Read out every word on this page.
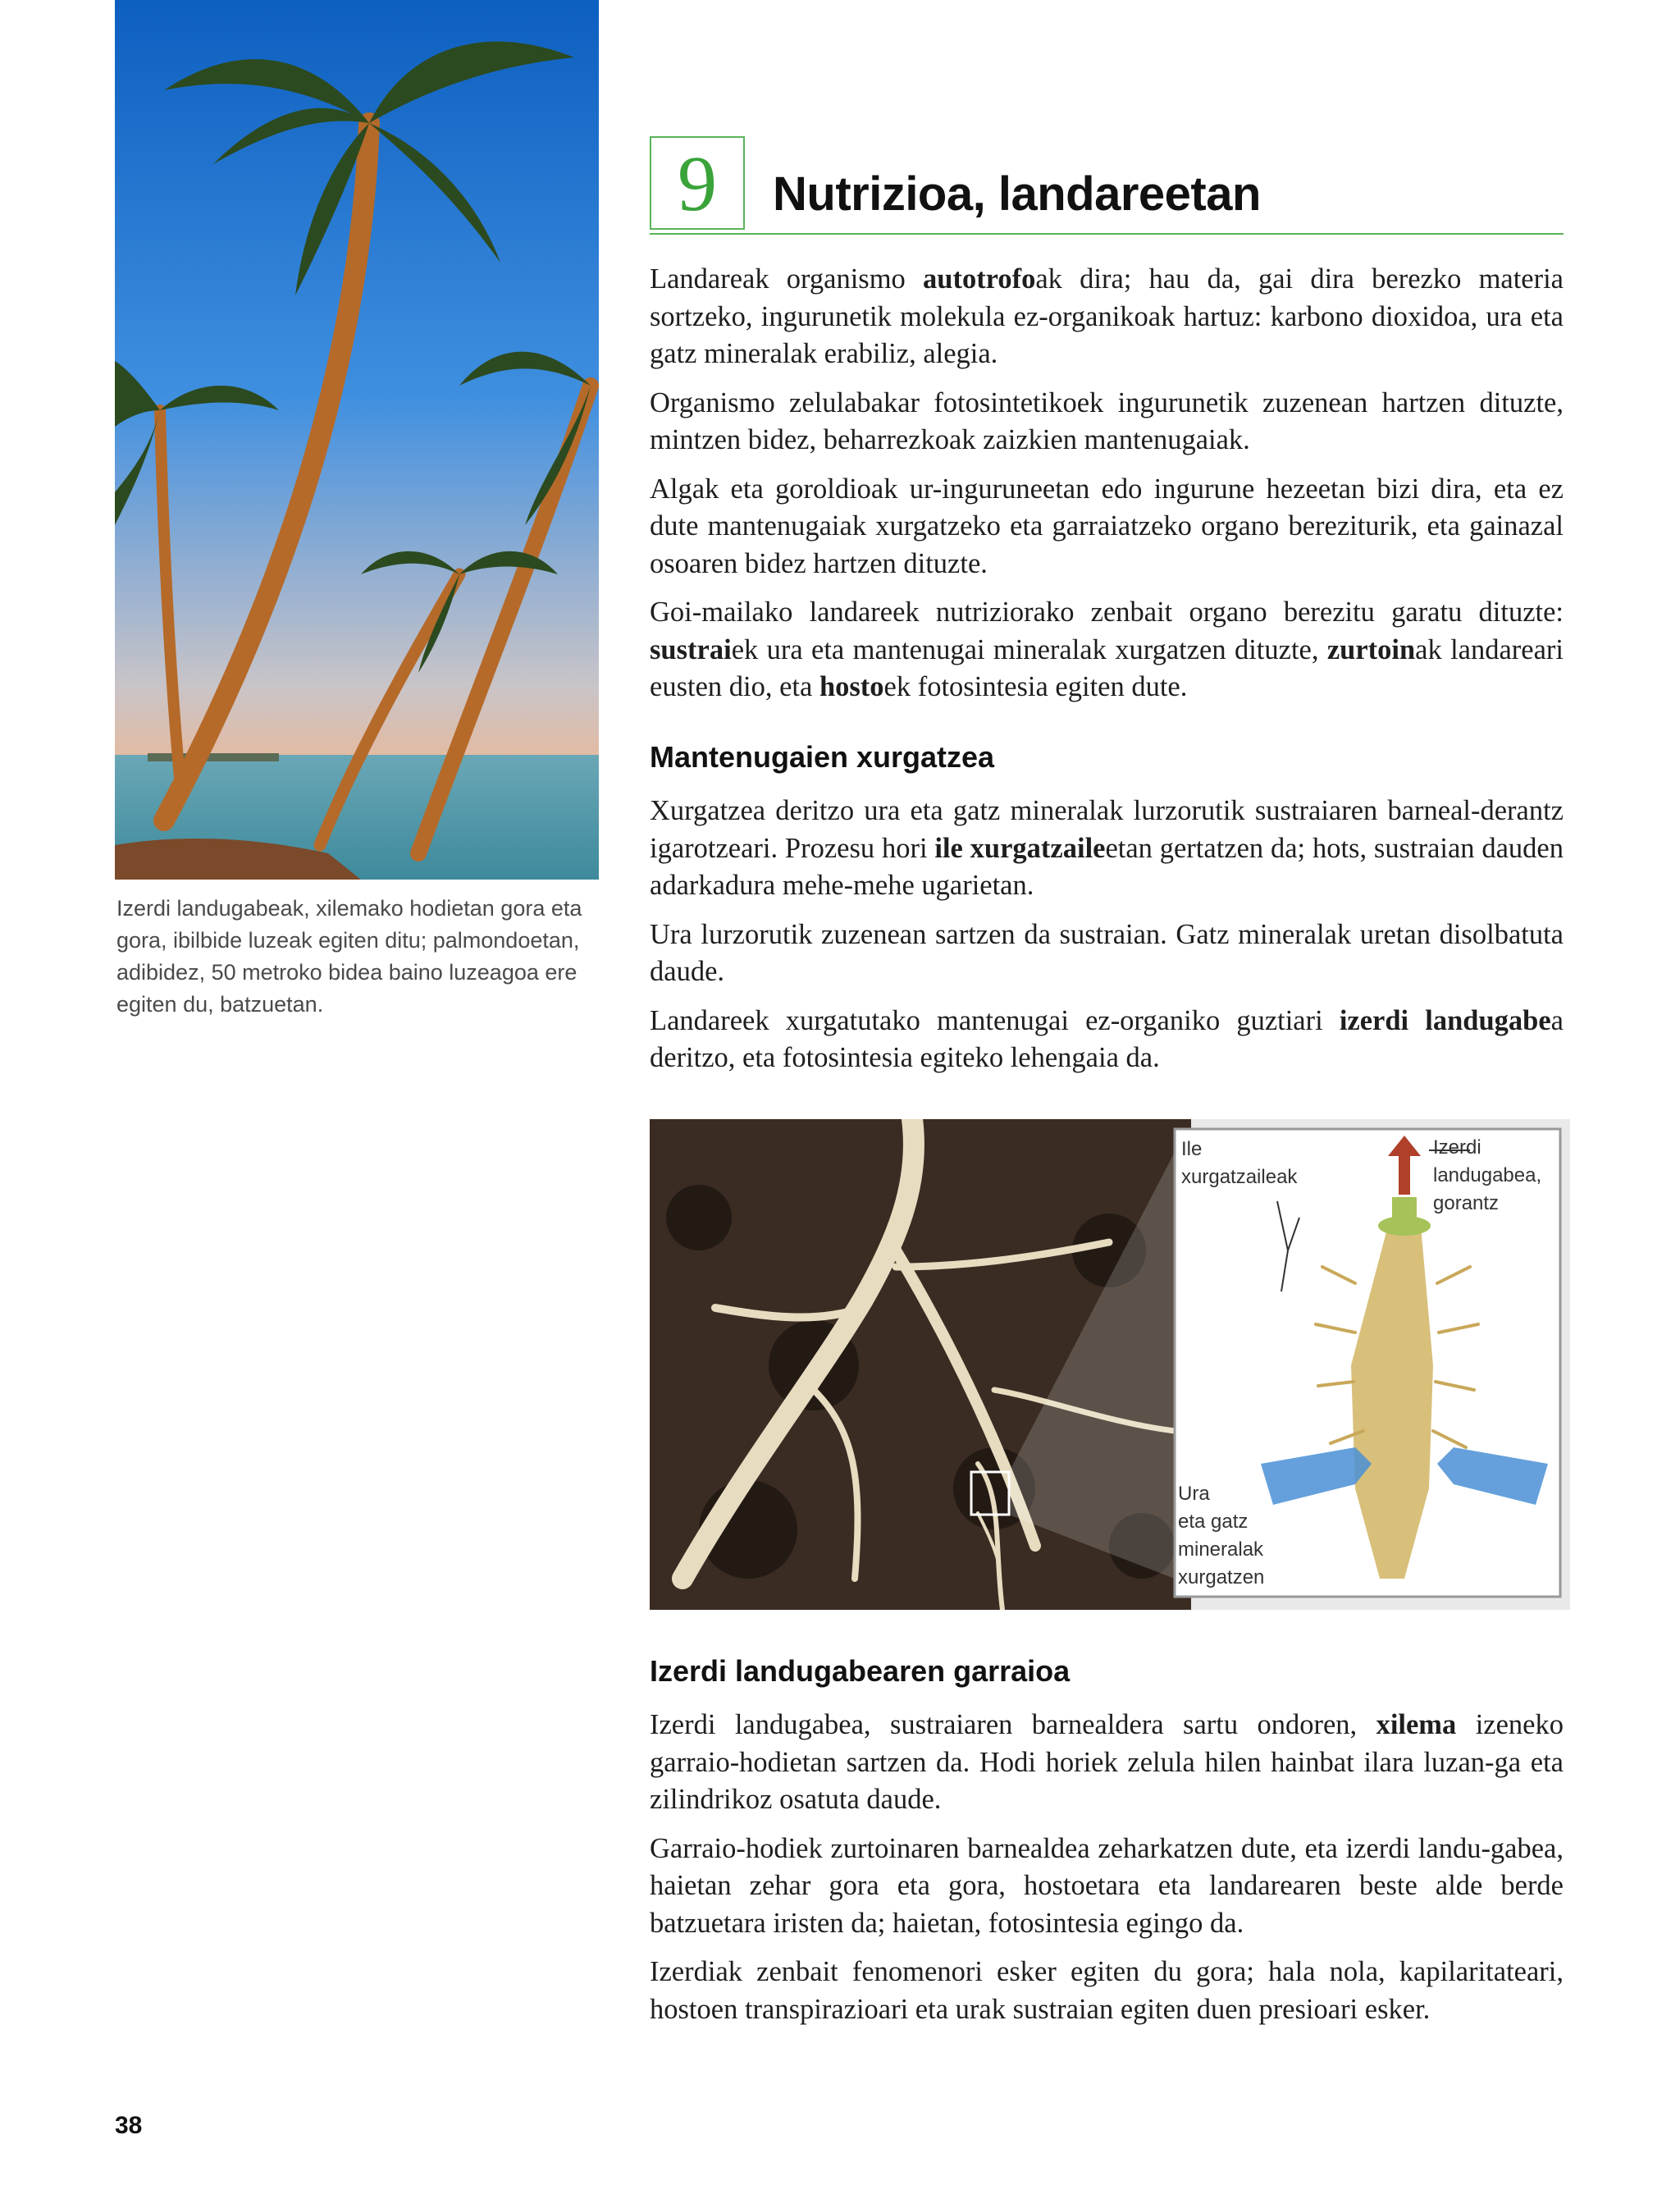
Izerdi landugabeak, xilemako hodietan gora eta gora, ibilbide luzeak egiten ditu; palmondoetan, adibidez, 50 metroko bidea baino luzeagoa ere egiten du, batzuetan.
9	Nutrizioa, landareetan

Landareak organismo autotrofoak dira; hau da, gai dira berezko materia sortzeko, ingurunetik molekula ez-organikoak hartuz: karbono dioxidoa, ura eta gatz mineralak erabiliz, alegia.

Organismo zelulabakar fotosintetikoek ingurunetik zuzenean hartzen dituzte, mintzen bidez, beharrezkoak zaizkien mantenugaiak.

Algak eta goroldioak ur-inguruneetan edo ingurune hezeetan bizi dira, eta ez dute mantenugaiak xurgatzeko eta garraiatzeko organo bereziturik, eta gainazal osoaren bidez hartzen dituzte.

Goi-mailako landareek nutriziorako zenbait organo berezitu garatu dituzte: sustraiek ura eta mantenugai mineralak xurgatzen dituzte, zurtoinak landareari eusten dio, eta hostoek fotosintesia egiten dute.

Mantenugaien xurgatzea

Xurgatzea deritzo ura eta gatz mineralak lurzorutik sustraiaren barneal-derantz igarotzeari. Prozesu hori ile xurgatzaileetan gertatzen da; hots, sustraian dauden adarkadura mehe-mehe ugarietan.

Ura lurzorutik zuzenean sartzen da sustraian. Gatz mineralak uretan disolbatuta daude.

Landareek xurgatutako mantenugai ez-organiko guztiari izerdi landugabea deritzo, eta fotosintesia egiteko lehengaia da.

Ile
xurgatzaileak
Izerdi
landugabea,
gorantz
Ura
eta gatz
mineralak
xurgatzen
Izerdi landugabearen garraioa

Izerdi landugabea, sustraiaren barnealdera sartu ondoren, xilema izeneko garraio-hodietan sartzen da. Hodi horiek zelula hilen hainbat ilara luzan-ga eta zilindrikoz osatuta daude.

Garraio-hodiek zurtoinaren barnealdea zeharkatzen dute, eta izerdi landu-gabea, haietan zehar gora eta gora, hostoetara eta landarearen beste alde berde batzuetara iristen da; haietan, fotosintesia egingo da.

Izerdiak zenbait fenomenori esker egiten du gora; hala nola, kapilaritateari, hostoen transpirazioari eta urak sustraian egiten duen presioari esker.

38
